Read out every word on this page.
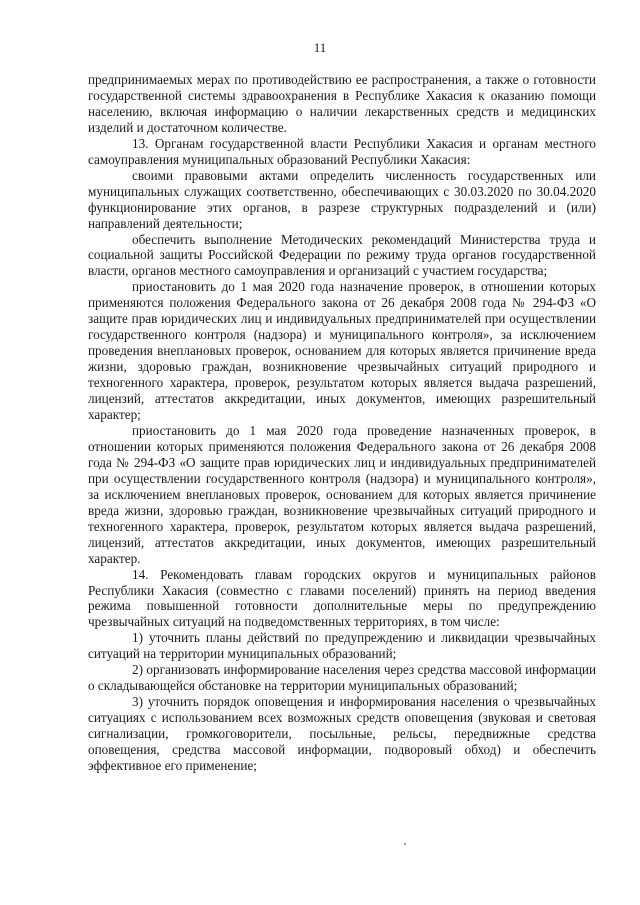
11

предпринимаемых мерах по противодействию ее распространения, а также о готовности государственной системы здравоохранения в Республике Хакасия к оказанию помощи населению, включая информацию о наличии лекарственных средств и медицинских изделий и достаточном количестве.

13. Органам государственной власти Республики Хакасия и органам местного самоуправления муниципальных образований Республики Хакасия:

своими правовыми актами определить численность государственных или муниципальных служащих соответственно, обеспечивающих с 30.03.2020 по 30.04.2020 функционирование этих органов, в разрезе структурных подразделений и (или) направлений деятельности;

обеспечить выполнение Методических рекомендаций Министерства труда и социальной защиты Российской Федерации по режиму труда органов государственной власти, органов местного самоуправления и организаций с участием государства;

приостановить до 1 мая 2020 года назначение проверок, в отношении которых применяются положения Федерального закона от 26 декабря 2008 года № 294-ФЗ «О защите прав юридических лиц и индивидуальных предпринимателей при осуществлении государственного контроля (надзора) и муниципального контроля», за исключением проведения внеплановых проверок, основанием для которых является причинение вреда жизни, здоровью граждан, возникновение чрезвычайных ситуаций природного и техногенного характера, проверок, результатом которых является выдача разрешений, лицензий, аттестатов аккредитации, иных документов, имеющих разрешительный характер;

приостановить до 1 мая 2020 года проведение назначенных проверок, в отношении которых применяются положения Федерального закона от 26 декабря 2008 года № 294-ФЗ «О защите прав юридических лиц и индивидуальных предпринимателей при осуществлении государственного контроля (надзора) и муниципального контроля», за исключением внеплановых проверок, основанием для которых является причинение вреда жизни, здоровью граждан, возникновение чрезвычайных ситуаций природного и техногенного характера, проверок, результатом которых является выдача разрешений, лицензий, аттестатов аккредитации, иных документов, имеющих разрешительный характер.

14. Рекомендовать главам городских округов и муниципальных районов Республики Хакасия (совместно с главами поселений) принять на период введения режима повышенной готовности дополнительные меры по предупреждению чрезвычайных ситуаций на подведомственных территориях, в том числе:

1) уточнить планы действий по предупреждению и ликвидации чрезвычайных ситуаций на территории муниципальных образований;

2) организовать информирование населения через средства массовой информации о складывающейся обстановке на территории муниципальных образований;

3) уточнить порядок оповещения и информирования населения о чрезвычайных ситуациях с использованием всех возможных средств оповещения (звуковая и световая сигнализации, громкоговорители, посыльные, рельсы, передвижные средства оповещения, средства массовой информации, подворовый обход) и обеспечить эффективное его применение;
